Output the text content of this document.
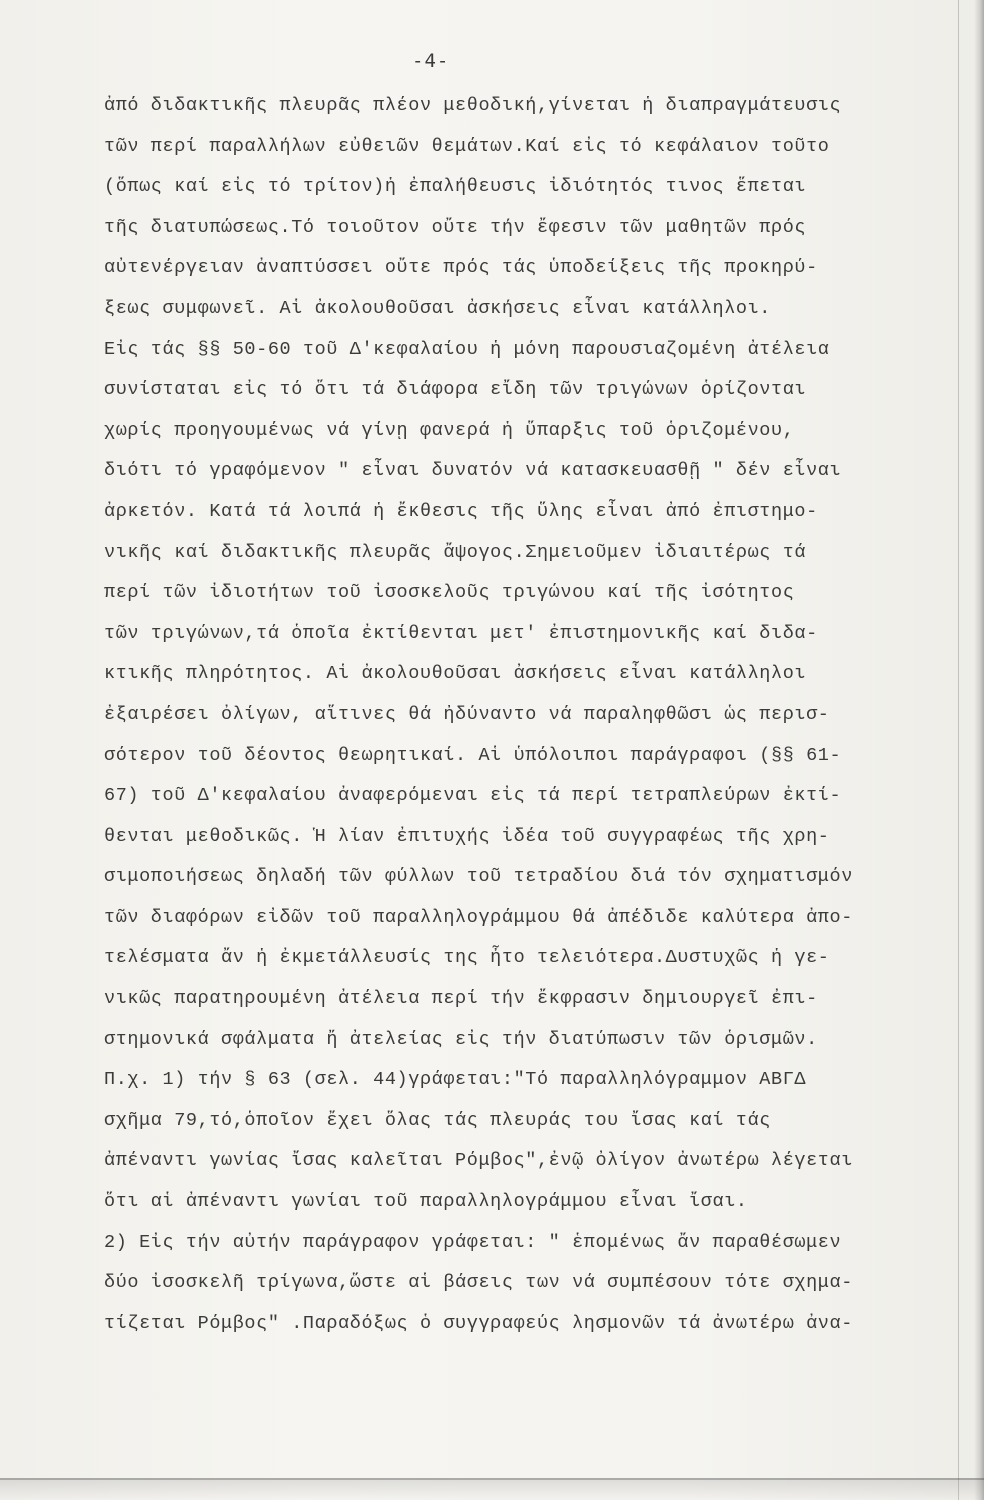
-4-
ἀπό διδακτικῆς πλευρᾶς πλέον μεθοδική,γίνεται ἡ διαπραγμάτευσις
τῶν περί παραλλήλων εὐθειῶν θεμάτων.Καί εἰς τό κεφάλαιον τοῦτο
(ὅπως καί εἰς τό τρίτον)ἡ ἐπαλήθευσις ἰδιότητός τινος ἕπεται
τῆς διατυπώσεως.Τό τοιοῦτον οὔτε τήν ἔφεσιν τῶν μαθητῶν πρός
αὐτενέργειαν ἀναπτύσσει οὔτε πρός τάς ὑποδείξεις τῆς προκηρύ-
ξεως συμφωνεῖ. Αἱ ἀκολουθοῦσαι ἀσκήσεις εἶναι κατάλληλοι.
Εἰς τάς §§ 50-60 τοῦ Δ'κεφαλαίου ἡ μόνη παρουσιαζομένη ἀτέλεια
συνίσταται εἰς τό ὅτι τά διάφορα εἴδη τῶν τριγώνων ὁρίζονται
χωρίς προηγουμένως νά γίνῃ φανερά ἡ ὕπαρξις τοῦ ὁριζομένου,
διότι τό γραφόμενον " εἶναι δυνατόν νά κατασκευασθῇ " δέν εἶναι
ἀρκετόν. Κατά τά λοιπά ἡ ἔκθεσις τῆς ὕλης εἶναι ἀπό ἐπιστημο-
νικῆς καί διδακτικῆς πλευρᾶς ἄψογος.Σημειοῦμεν ἰδιαιτέρως τά
περί τῶν ἰδιοτήτων τοῦ ἰσοσκελοῦς τριγώνου καί τῆς ἰσότητος
τῶν τριγώνων,τά ὁποῖα ἐκτίθενται μετ' ἐπιστημονικῆς καί διδα-
κτικῆς πληρότητος. Αἱ ἀκολουθοῦσαι ἀσκήσεις εἶναι κατάλληλοι
ἐξαιρέσει ὀλίγων, αἵτινες θά ἠδύναντο νά παραληφθῶσι ὡς περισ-
σότερον τοῦ δέοντος θεωρητικαί. Αἱ ὑπόλοιποι παράγραφοι (§§ 61-
67) τοῦ Δ'κεφαλαίου ἀναφερόμεναι εἰς τά περί τετραπλεύρων ἐκτί-
θενται μεθοδικῶς. Ἡ λίαν ἐπιτυχής ἰδέα τοῦ συγγραφέως τῆς χρη-
σιμοποιήσεως δηλαδή τῶν φύλλων τοῦ τετραδίου διά τόν σχηματισμόν
τῶν διαφόρων εἰδῶν τοῦ παραλληλογράμμου θά ἀπέδιδε καλύτερα ἀπο-
τελέσματα ἄν ἡ ἐκμετάλλευσίς της ἦτο τελειότερα.Δυστυχῶς ἡ γε-
νικῶς παρατηρουμένη ἀτέλεια περί τήν ἔκφρασιν δημιουργεῖ ἐπι-
στημονικά σφάλματα ἤ ἀτελείας εἰς τήν διατύπωσιν τῶν ὁρισμῶν.
Π.χ. 1) τήν § 63 (σελ. 44)γράφεται:"Τό παραλληλόγραμμον ΑΒΓΔ
σχῆμα 79,τό,ὁποῖον ἔχει ὅλας τάς πλευράς του ἴσας καί τάς
ἀπέναντι γωνίας ἴσας καλεῖται Ρόμβος",ἐνῷ ὀλίγον ἀνωτέρω λέγεται
ὅτι αἱ ἀπέναντι γωνίαι τοῦ παραλληλογράμμου εἶναι ἴσαι.
2) Εἰς τήν αὐτήν παράγραφον γράφεται: " ἑπομένως ἄν παραθέσωμεν
δύο ἰσοσκελῆ τρίγωνα,ὥστε αἱ βάσεις των νά συμπέσουν τότε σχημα-
τίζεται Ρόμβος" .Παραδόξως ὁ συγγραφεύς λησμονῶν τά ἀνωτέρω ἀνα-
